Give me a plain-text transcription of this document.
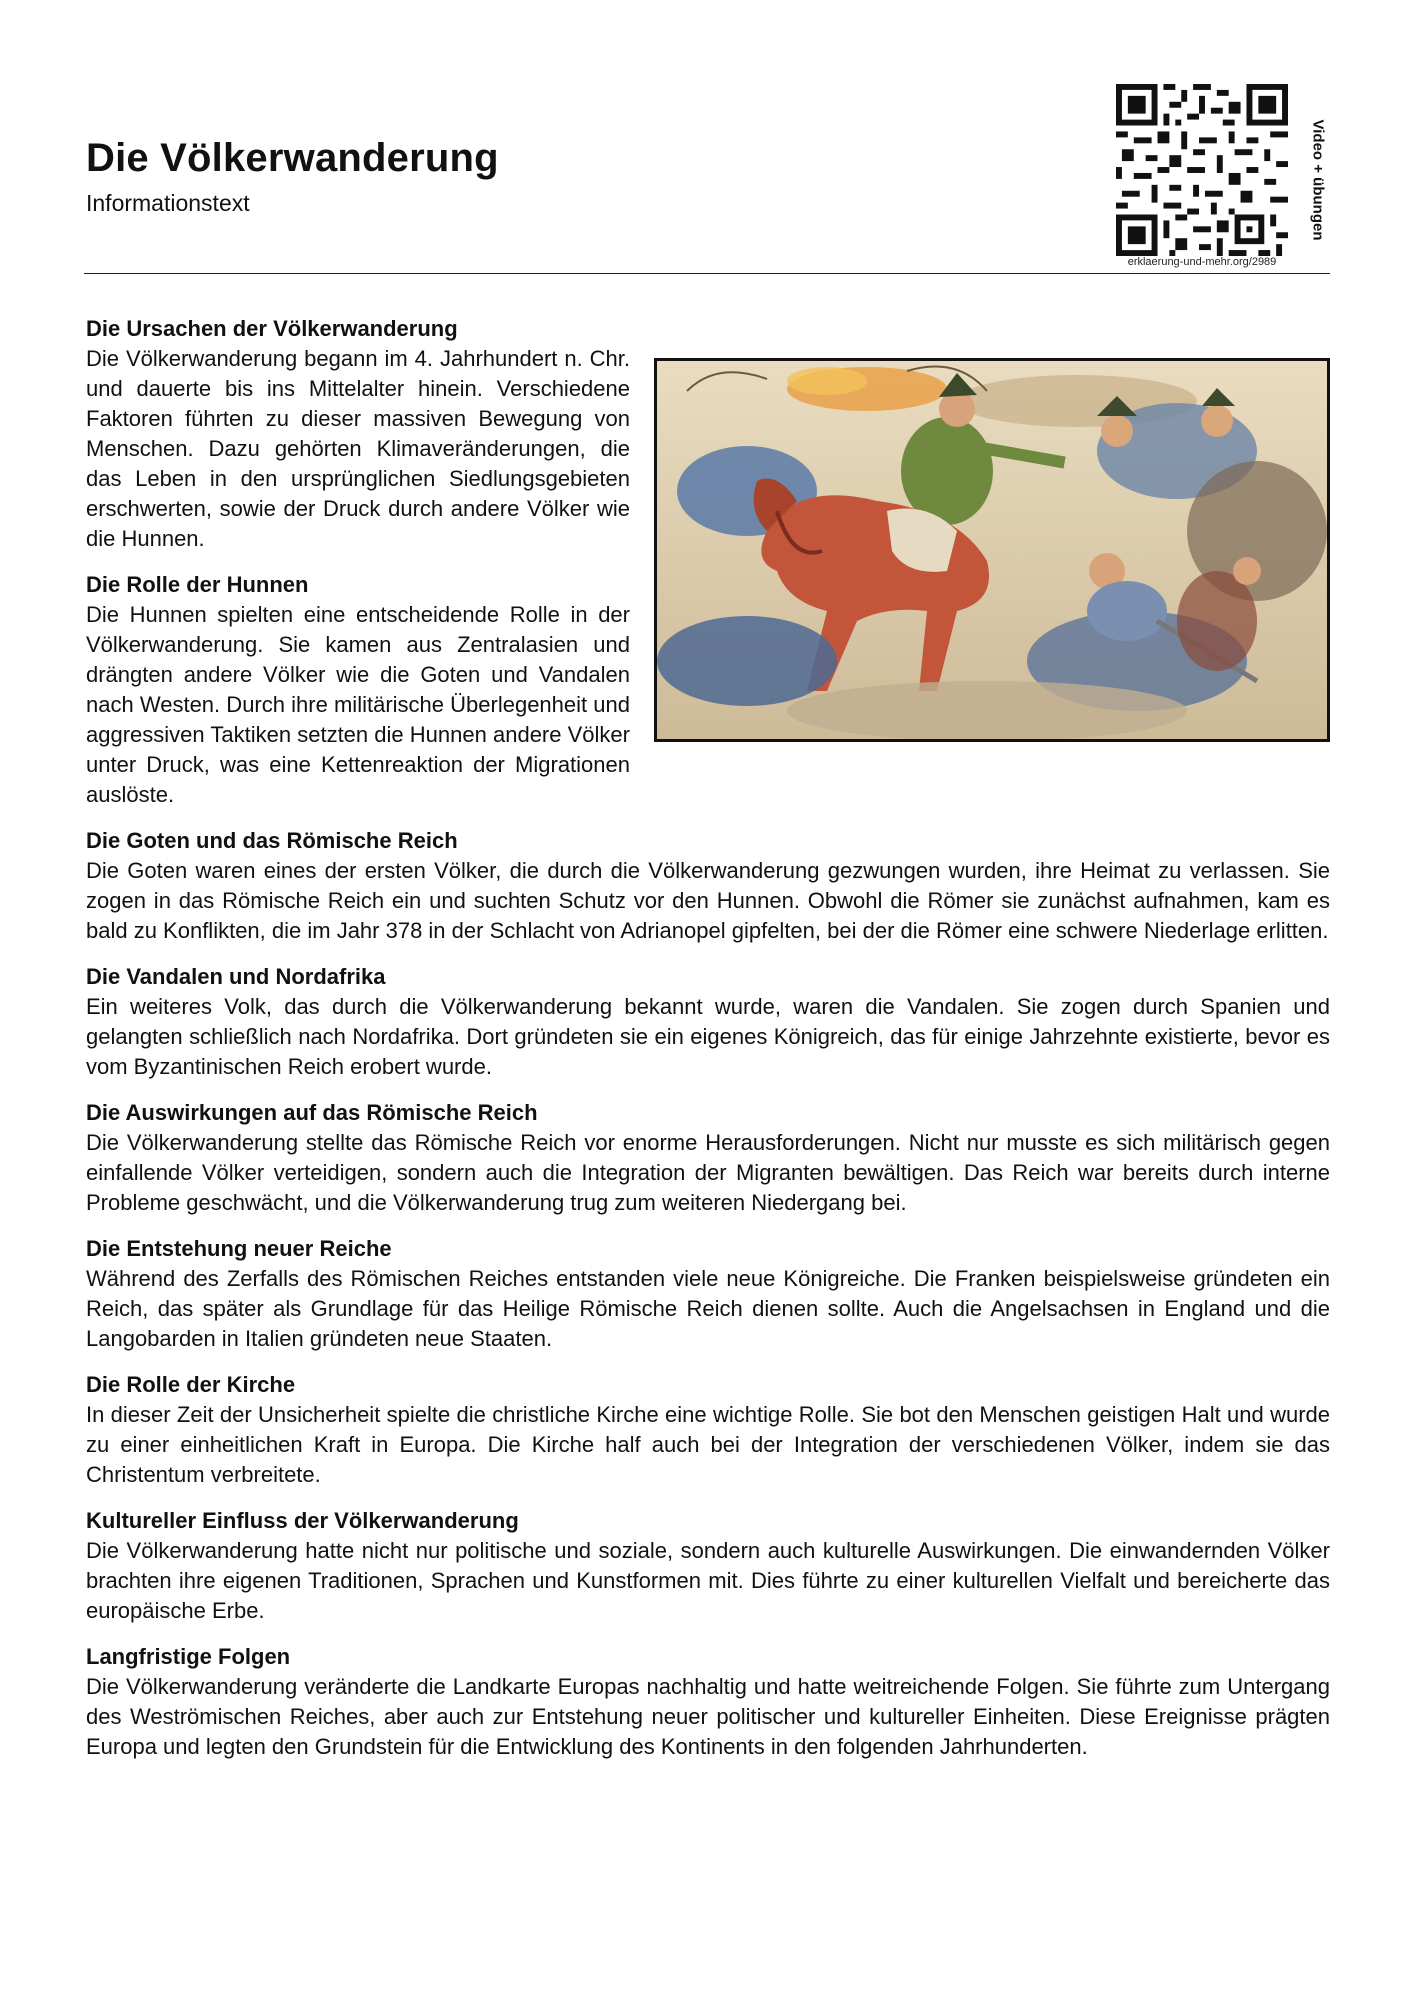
Die Völkerwanderung
Informationstext
erklaerung-und-mehr.org/2989
Video + übungen
Die Ursachen der Völkerwanderung

Die Völkerwanderung begann im 4. Jahrhundert n. Chr. und dauerte bis ins Mittelalter hinein. Verschiedene Faktoren führten zu dieser massiven Bewegung von Menschen. Dazu gehörten Klimaveränderungen, die das Leben in den ursprünglichen Siedlungsgebieten erschwerten, sowie der Druck durch andere Völker wie die Hunnen.

Die Rolle der Hunnen

Die Hunnen spielten eine entscheidende Rolle in der Völkerwanderung. Sie kamen aus Zentralasien und drängten andere Völker wie die Goten und Vandalen nach Westen. Durch ihre militärische Überlegenheit und aggressiven Taktiken setzten die Hunnen andere Völker unter Druck, was eine Kettenreaktion der Migrationen auslöste.

Die Goten und das Römische Reich

Die Goten waren eines der ersten Völker, die durch die Völkerwanderung gezwungen wurden, ihre Heimat zu verlassen. Sie zogen in das Römische Reich ein und suchten Schutz vor den Hunnen. Obwohl die Römer sie zunächst aufnahmen, kam es bald zu Konflikten, die im Jahr 378 in der Schlacht von Adrianopel gipfelten, bei der die Römer eine schwere Niederlage erlitten.

Die Vandalen und Nordafrika

Ein weiteres Volk, das durch die Völkerwanderung bekannt wurde, waren die Vandalen. Sie zogen durch Spanien und gelangten schließlich nach Nordafrika. Dort gründeten sie ein eigenes Königreich, das für einige Jahrzehnte existierte, bevor es vom Byzantinischen Reich erobert wurde.

Die Auswirkungen auf das Römische Reich

Die Völkerwanderung stellte das Römische Reich vor enorme Herausforderungen. Nicht nur musste es sich militärisch gegen einfallende Völker verteidigen, sondern auch die Integration der Migranten bewältigen. Das Reich war bereits durch interne Probleme geschwächt, und die Völkerwanderung trug zum weiteren Niedergang bei.

Die Entstehung neuer Reiche

Während des Zerfalls des Römischen Reiches entstanden viele neue Königreiche. Die Franken beispielsweise gründeten ein Reich, das später als Grundlage für das Heilige Römische Reich dienen sollte. Auch die Angelsachsen in England und die Langobarden in Italien gründeten neue Staaten.

Die Rolle der Kirche

In dieser Zeit der Unsicherheit spielte die christliche Kirche eine wichtige Rolle. Sie bot den Menschen geistigen Halt und wurde zu einer einheitlichen Kraft in Europa. Die Kirche half auch bei der Integration der verschiedenen Völker, indem sie das Christentum verbreitete.

Kultureller Einfluss der Völkerwanderung

Die Völkerwanderung hatte nicht nur politische und soziale, sondern auch kulturelle Auswirkungen. Die einwandernden Völker brachten ihre eigenen Traditionen, Sprachen und Kunstformen mit. Dies führte zu einer kulturellen Vielfalt und bereicherte das europäische Erbe.

Langfristige Folgen

Die Völkerwanderung veränderte die Landkarte Europas nachhaltig und hatte weitreichende Folgen. Sie führte zum Untergang des Weströmischen Reiches, aber auch zur Entstehung neuer politischer und kultureller Einheiten. Diese Ereignisse prägten Europa und legten den Grundstein für die Entwicklung des Kontinents in den folgenden Jahrhunderten.
